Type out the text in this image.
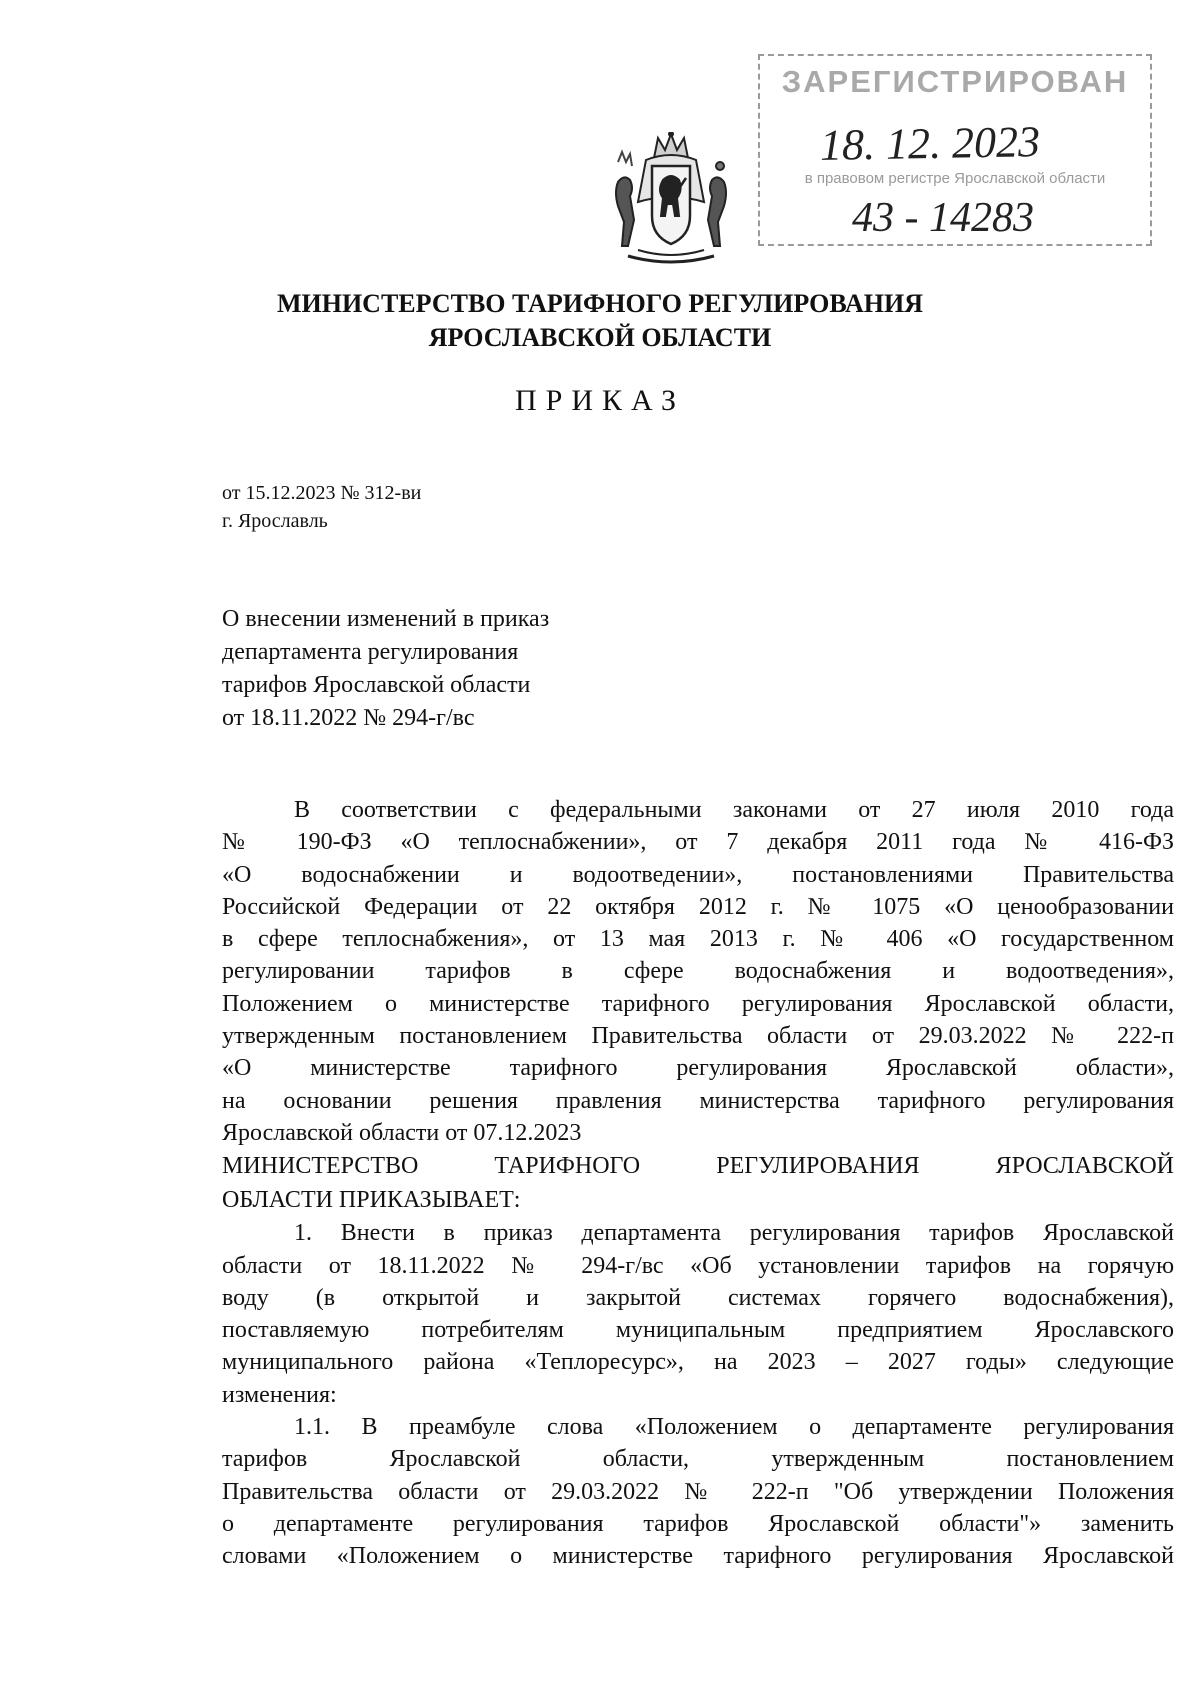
ЗАРЕГИСТРИРОВАН
18. 12. 2023
в правовом регистре Ярославской области
43 - 14283
МИНИСТЕРСТВО ТАРИФНОГО РЕГУЛИРОВАНИЯ
ЯРОСЛАВСКОЙ ОБЛАСТИ
ПРИКАЗ
от 15.12.2023 № 312-ви
г. Ярославль
О внесении изменений в приказ
департамента регулирования
тарифов Ярославской области
от 18.11.2022 № 294-г/вс

В соответствии с федеральными законами от 27 июля 2010 года

№ 190-ФЗ «О теплоснабжении», от 7 декабря 2011 года № 416-ФЗ

«О водоснабжении и водоотведении», постановлениями Правительства

Российской Федерации от 22 октября 2012 г. № 1075 «О ценообразовании

в сфере теплоснабжения», от 13 мая 2013 г. № 406 «О государственном

регулировании тарифов в сфере водоснабжения и водоотведения»,

Положением о министерстве тарифного регулирования Ярославской области,

утвержденным постановлением Правительства области от 29.03.2022 № 222-п

«О министерстве тарифного регулирования Ярославской области»,

на основании решения правления министерства тарифного регулирования

Ярославской области от 07.12.2023

МИНИСТЕРСТВО ТАРИФНОГО РЕГУЛИРОВАНИЯ ЯРОСЛАВСКОЙ

ОБЛАСТИ ПРИКАЗЫВАЕТ:

1. Внести в приказ департамента регулирования тарифов Ярославской

области от 18.11.2022 № 294-г/вс «Об установлении тарифов на горячую

воду (в открытой и закрытой системах горячего водоснабжения),

поставляемую потребителям муниципальным предприятием Ярославского

муниципального района «Теплоресурс», на 2023 – 2027 годы» следующие

изменения:

1.1. В преамбуле слова «Положением о департаменте регулирования

тарифов Ярославской области, утвержденным постановлением

Правительства области от 29.03.2022 № 222-п "Об утверждении Положения

о департаменте регулирования тарифов Ярославской области"» заменить

словами «Положением о министерстве тарифного регулирования Ярославской
